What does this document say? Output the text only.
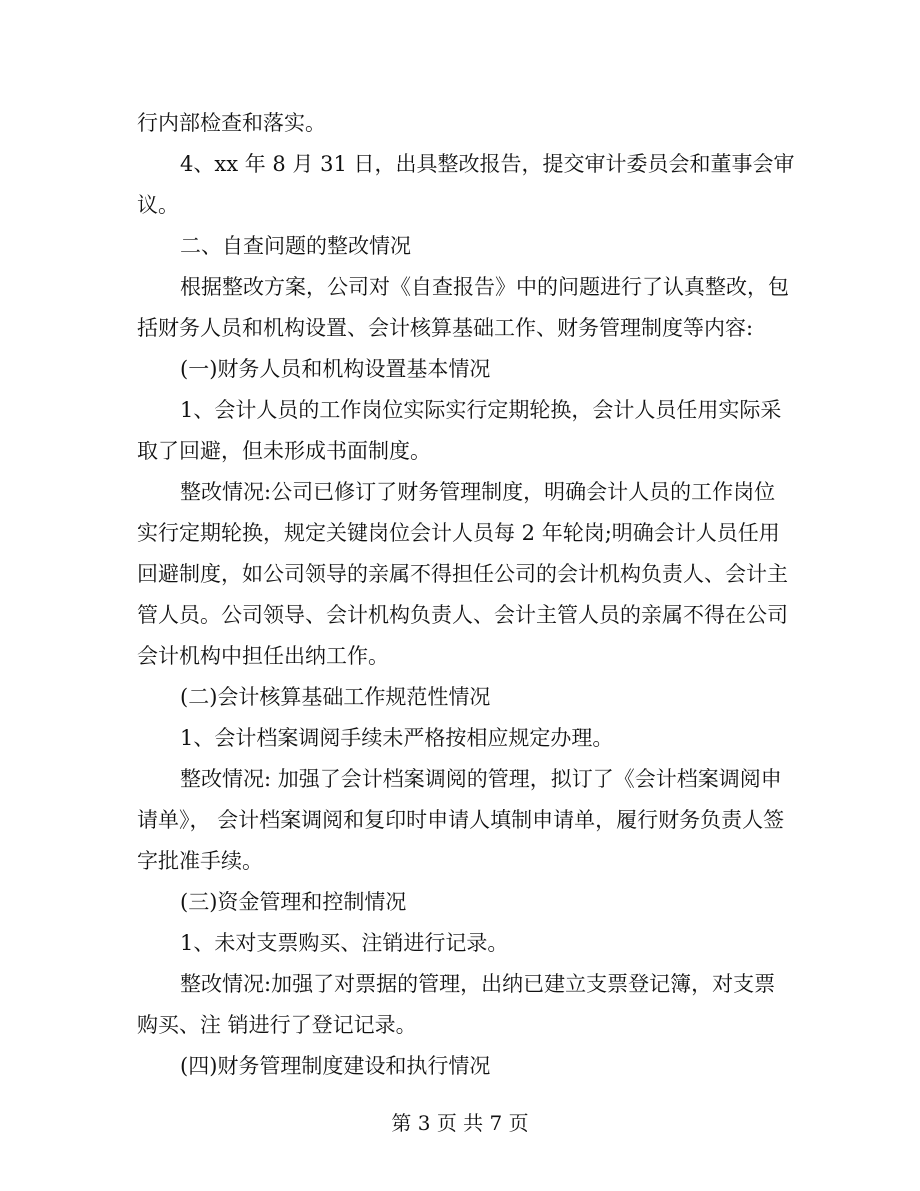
行内部检查和落实。
4、xx 年 8 月 31 日，出具整改报告，提交审计委员会和董事会审
议。
二、自查问题的整改情况
根据整改方案，公司对《自查报告》中的问题进行了认真整改，包
括财务人员和机构设置、会计核算基础工作、财务管理制度等内容:
(一)财务人员和机构设置基本情况
1、会计人员的工作岗位实际实行定期轮换，会计人员任用实际采
取了回避，但未形成书面制度。
整改情况:公司已修订了财务管理制度，明确会计人员的工作岗位
实行定期轮换，规定关键岗位会计人员每 2 年轮岗;明确会计人员任用
回避制度，如公司领导的亲属不得担任公司的会计机构负责人、会计主
管人员。公司领导、会计机构负责人、会计主管人员的亲属不得在公司
会计机构中担任出纳工作。
(二)会计核算基础工作规范性情况
1、会计档案调阅手续未严格按相应规定办理。
整改情况: 加强了会计档案调阅的管理，拟订了《会计档案调阅申
请单》， 会计档案调阅和复印时申请人填制申请单，履行财务负责人签
字批准手续。
(三)资金管理和控制情况
1、未对支票购买、注销进行记录。
整改情况:加强了对票据的管理，出纳已建立支票登记簿，对支票
购买、注 销进行了登记记录。
(四)财务管理制度建设和执行情况
第 3 页 共 7 页
